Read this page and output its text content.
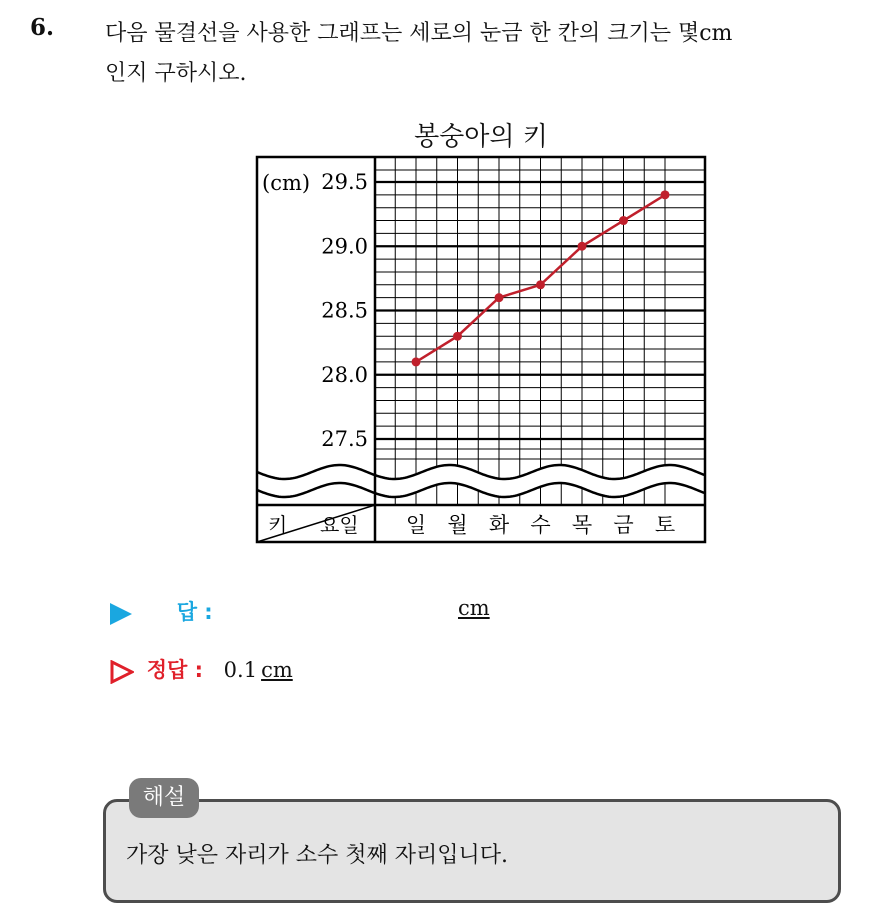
6. 다음 물결선을 사용한 그래프는 세로의 눈금 한 칸의 크기는 몇cm
인지 구하시오.
봉숭아의 키
(cm)
키 요일
27.5
28.0
28.5
29.0
29.5
일 월 화 수 목 금 토
답 :	cm
정답 : 0.1 cm
해설
가장 낮은 자리가 소수 첫째 자리입니다.
